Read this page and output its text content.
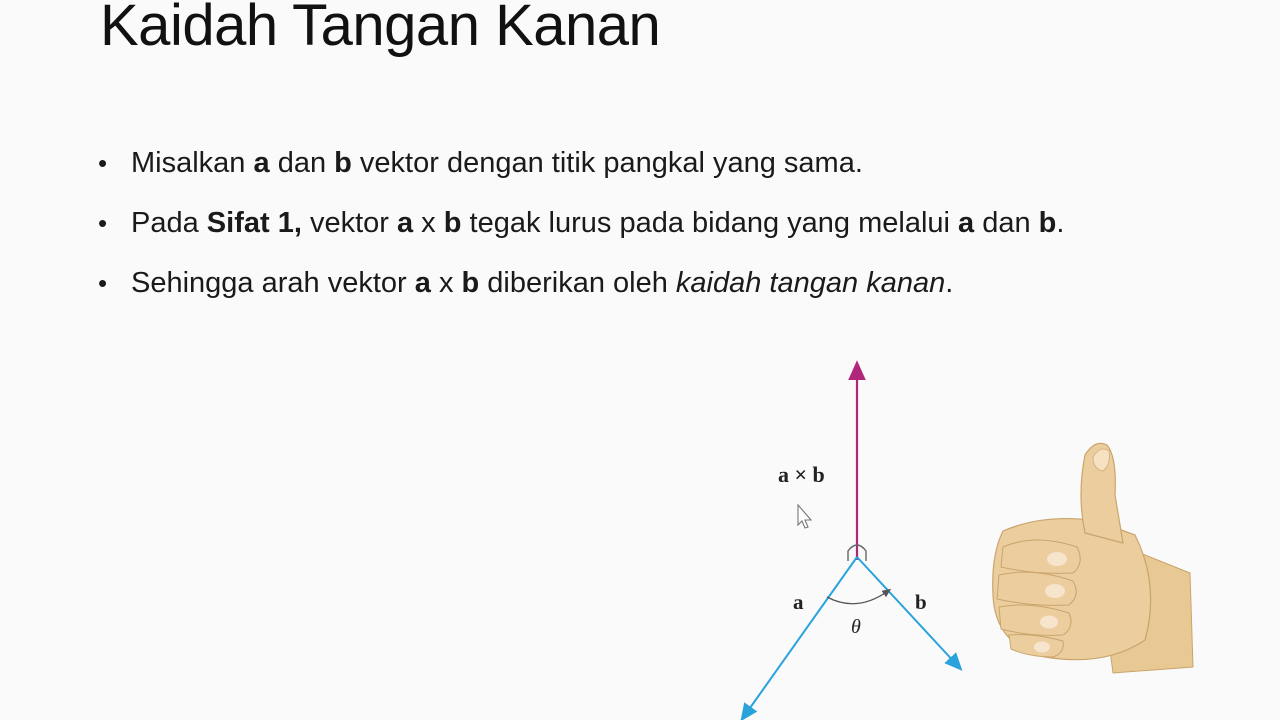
Kaidah Tangan Kanan
• Misalkan a dan b vektor dengan titik pangkal yang sama.
• Pada Sifat 1, vektor a x b tegak lurus pada bidang yang melalui a dan b.
• Sehingga arah vektor a x b diberikan oleh kaidah tangan kanan.
a × b
a	b
θ
